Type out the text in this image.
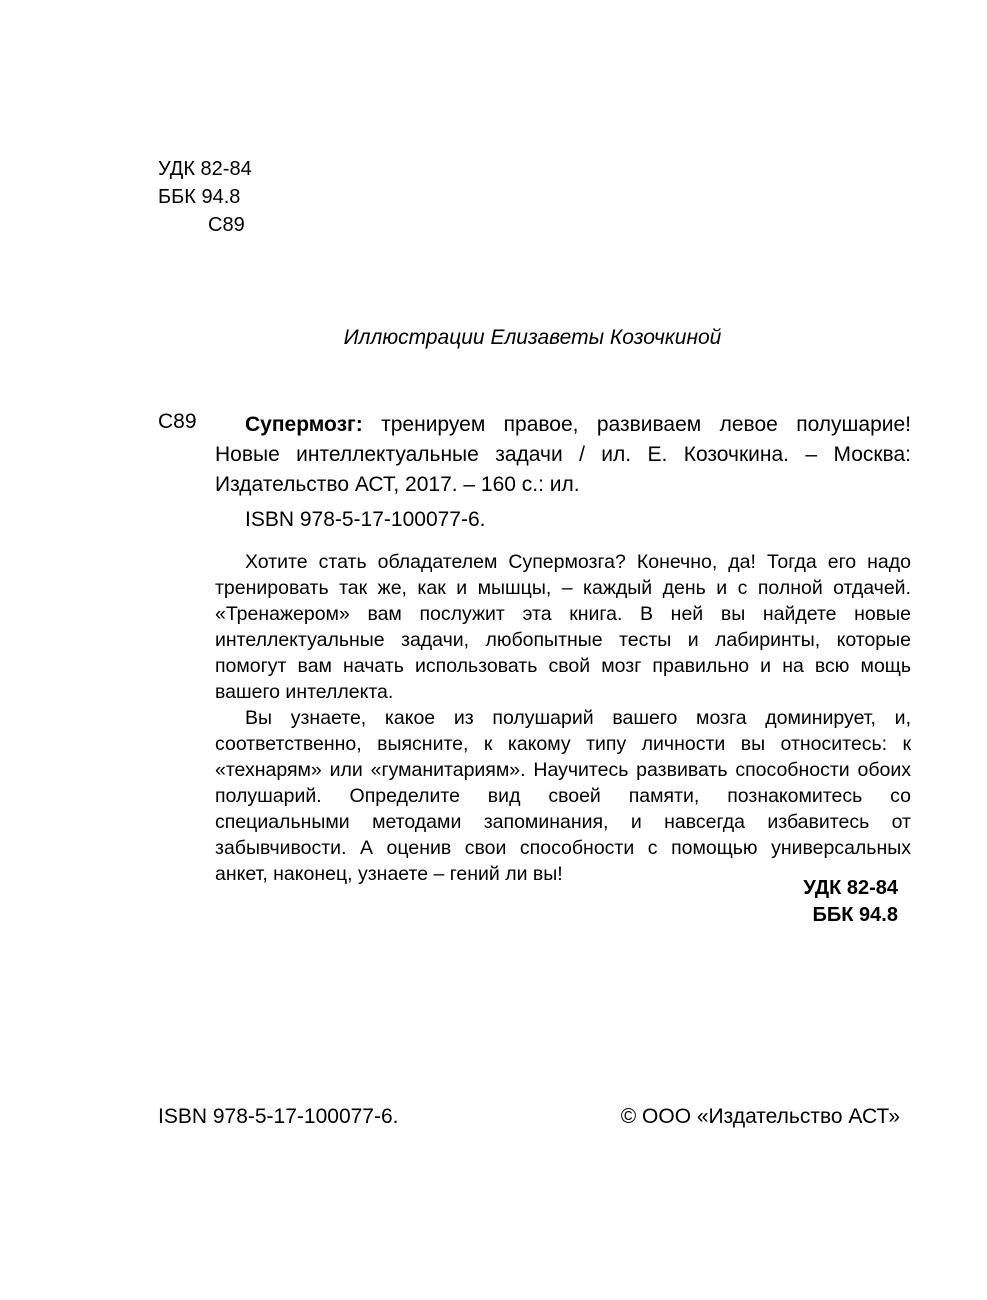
УДК 82-84
ББК 94.8
С89
Иллюстрации Елизаветы Козочкиной
С89	Супермозг: тренируем правое, развиваем левое полушарие! Новые интеллектуальные задачи / ил. Е. Козочкина. – Москва: Издательство АСТ, 2017. – 160 с.: ил.

ISBN 978-5-17-100077-6.

Хотите стать обладателем Супермозга? Конечно, да! Тогда его надо тренировать так же, как и мышцы, – каждый день и с полной отдачей. «Тренажером» вам послужит эта книга. В ней вы найдете новые интеллектуальные задачи, любопытные тесты и лабиринты, которые помогут вам начать использовать свой мозг правильно и на всю мощь вашего интеллекта.

Вы узнаете, какое из полушарий вашего мозга доминирует, и, соответственно, выясните, к какому типу личности вы относитесь: к «технарям» или «гуманитариям». Научитесь развивать способности обоих полушарий. Определите вид своей памяти, познакомитесь со специальными методами запоминания, и навсегда избавитесь от забывчивости. А оценив свои способности с помощью универсальных анкет, наконец, узнаете – гений ли вы!

УДК 82-84
ББК 94.8
ISBN 978-5-17-100077-6.	© ООО «Издательство АСТ»
